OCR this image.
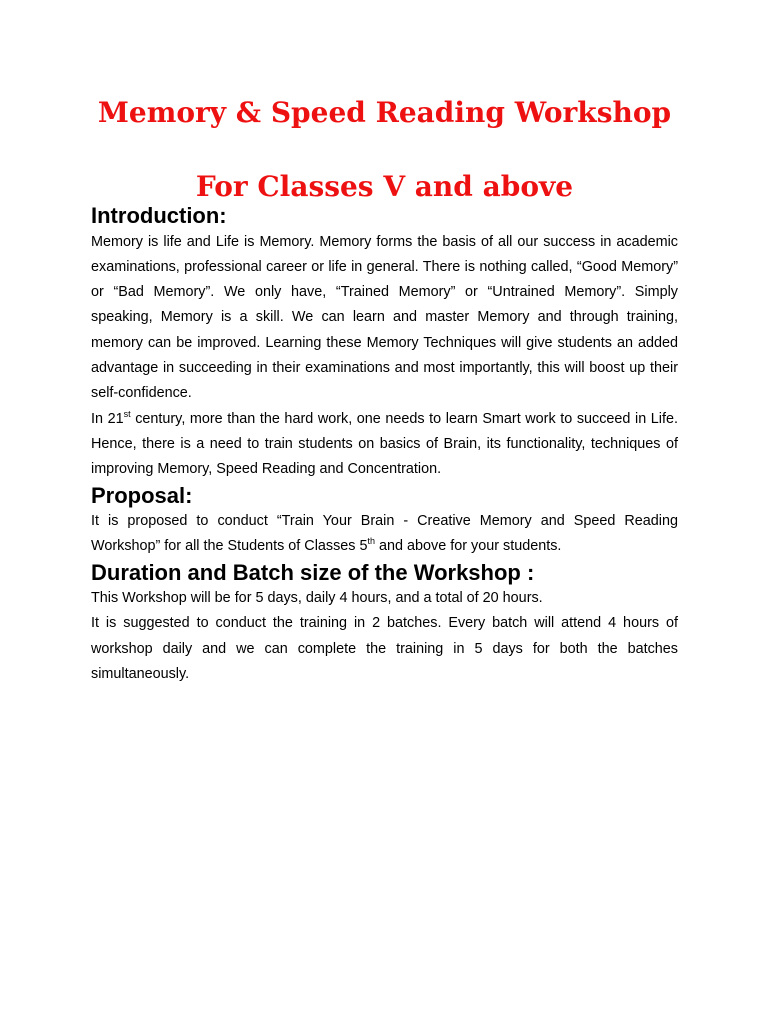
Memory & Speed Reading Workshop
For Classes V and above
Introduction:

Memory is life and Life is Memory. Memory forms the basis of all our success in academic examinations, professional career or life in general. There is nothing called, “Good Memory” or “Bad Memory”. We only have, “Trained Memory” or “Untrained Memory”. Simply speaking, Memory is a skill. We can learn and master Memory and through training, memory can be improved. Learning these Memory Techniques will give students an added advantage in succeeding in their examinations and most importantly, this will boost up their self-confidence.

In 21st century, more than the hard work, one needs to learn Smart work to succeed in Life. Hence, there is a need to train students on basics of Brain, its functionality, techniques of improving Memory, Speed Reading and Concentration.

Proposal:

It is proposed to conduct “Train Your Brain - Creative Memory and Speed Reading Workshop” for all the Students of Classes 5th and above for your students.

Duration and Batch size of the Workshop :

This Workshop will be for 5 days, daily 4 hours, and a total of 20 hours.

It is suggested to conduct the training in 2 batches. Every batch will attend 4 hours of workshop daily and we can complete the training in 5 days for both the batches simultaneously.
